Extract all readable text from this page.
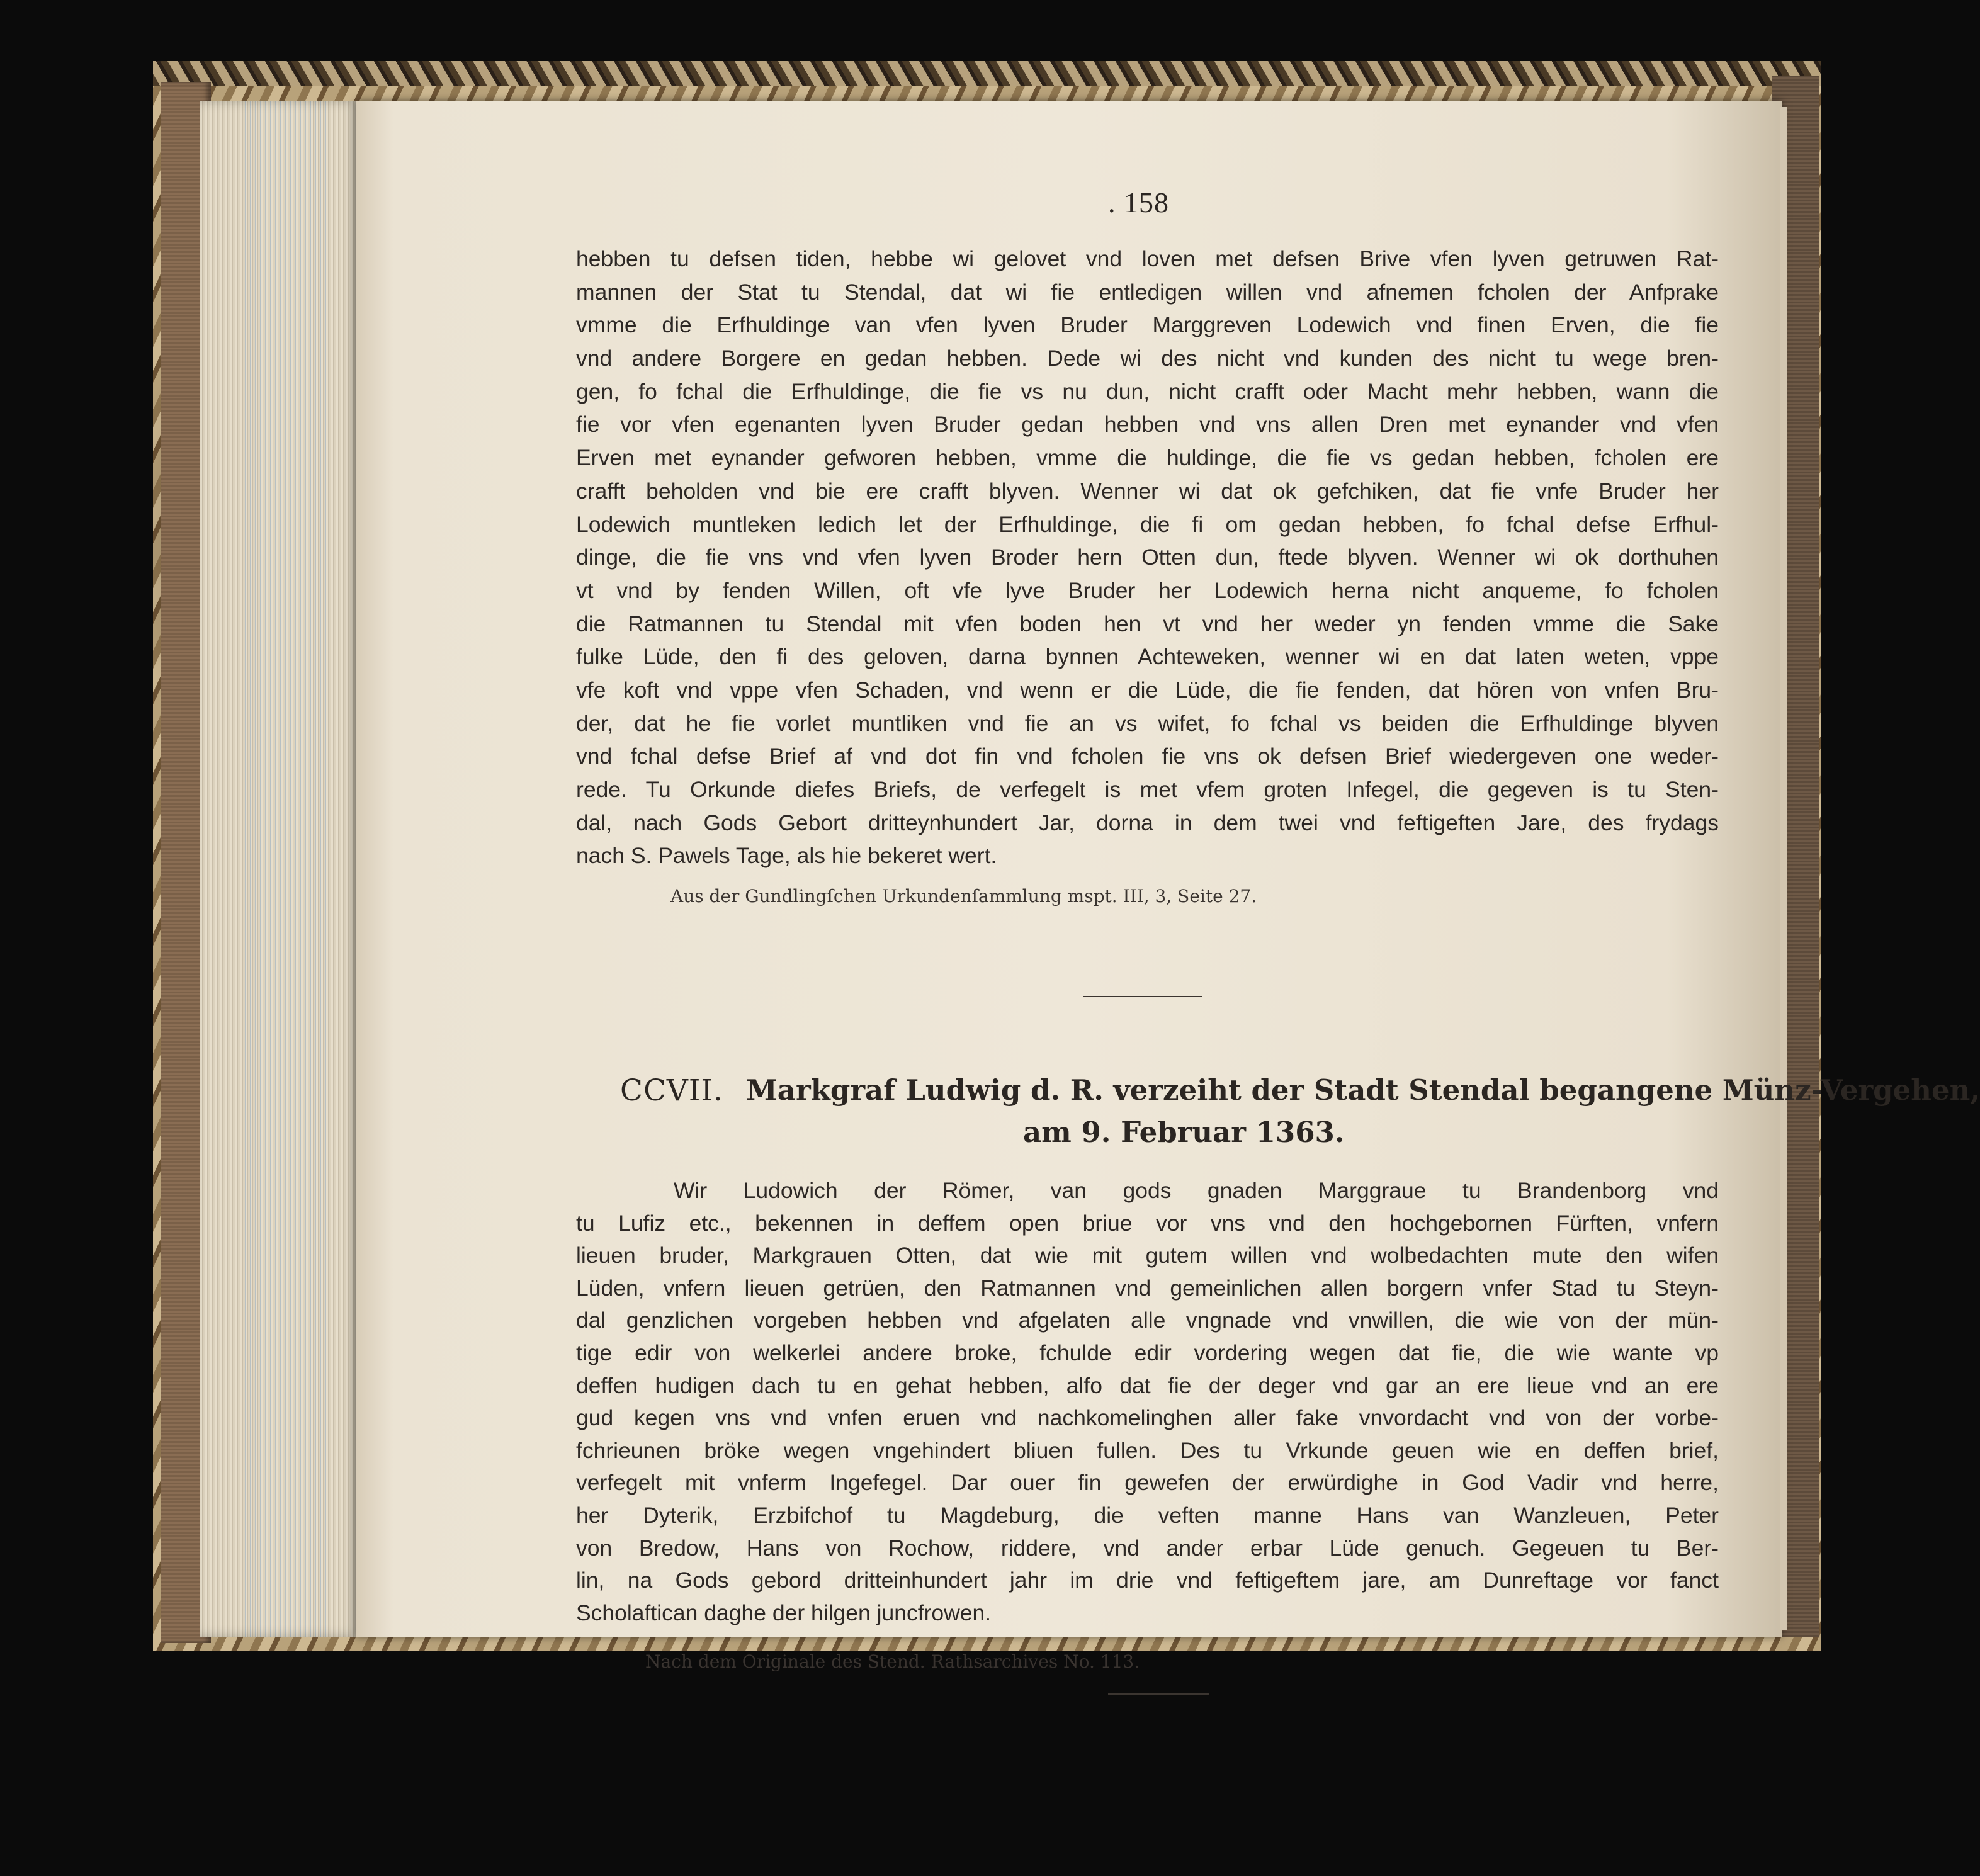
. 158
hebben tu defsen tiden, hebbe wi gelovet vnd loven met defsen Brive vfen lyven getruwen Rat-
mannen der Stat tu Stendal, dat wi fie entledigen willen vnd afnemen fcholen der Anfprake
vmme die Erfhuldinge van vfen lyven Bruder Marggreven Lodewich vnd finen Erven, die fie
vnd andere Borgere en gedan hebben. Dede wi des nicht vnd kunden des nicht tu wege bren-
gen, fo fchal die Erfhuldinge, die fie vs nu dun, nicht crafft oder Macht mehr hebben, wann die
fie vor vfen egenanten lyven Bruder gedan hebben vnd vns allen Dren met eynander vnd vfen
Erven met eynander gefworen hebben, vmme die huldinge, die fie vs gedan hebben, fcholen ere
crafft beholden vnd bie ere crafft blyven. Wenner wi dat ok gefchiken, dat fie vnfe Bruder her
Lodewich muntleken ledich let der Erfhuldinge, die fi om gedan hebben, fo fchal defse Erfhul-
dinge, die fie vns vnd vfen lyven Broder hern Otten dun, ftede blyven. Wenner wi ok dorthuhen
vt vnd by fenden Willen, oft vfe lyve Bruder her Lodewich herna nicht anqueme, fo fcholen
die Ratmannen tu Stendal mit vfen boden hen vt vnd her weder yn fenden vmme die Sake
fulke Lüde, den fi des geloven, darna bynnen Achteweken, wenner wi en dat laten weten, vppe
vfe koft vnd vppe vfen Schaden, vnd wenn er die Lüde, die fie fenden, dat hören von vnfen Bru-
der, dat he fie vorlet muntliken vnd fie an vs wifet, fo fchal vs beiden die Erfhuldinge blyven
vnd fchal defse Brief af vnd dot fin vnd fcholen fie vns ok defsen Brief wiedergeven one weder-
rede. Tu Orkunde diefes Briefs, de verfegelt is met vfem groten Infegel, die gegeven is tu Sten-
dal, nach Gods Gebort dritteynhundert Jar, dorna in dem twei vnd feftigeften Jare, des frydags
nach S. Pawels Tage, als hie bekeret wert.
Aus der Gundlingſchen Urkundenſammlung mspt. III, 3, Seite 27.
CCVII. Markgraf Ludwig d. R. verzeiht der Stadt Stendal begangene Münz-Vergehen,
am 9. Februar 1363.
Wir Ludowich der Römer, van gods gnaden Marggraue tu Brandenborg vnd
tu Lufiz etc., bekennen in deffem open briue vor vns vnd den hochgebornen Fürften, vnfern
lieuen bruder, Markgrauen Otten, dat wie mit gutem willen vnd wolbedachten mute den wifen
Lüden, vnfern lieuen getrüen, den Ratmannen vnd gemeinlichen allen borgern vnfer Stad tu Steyn-
dal genzlichen vorgeben hebben vnd afgelaten alle vngnade vnd vnwillen, die wie von der mün-
tige edir von welkerlei andere broke, fchulde edir vordering wegen dat fie, die wie wante vp
deffen hudigen dach tu en gehat hebben, alfo dat fie der deger vnd gar an ere lieue vnd an ere
gud kegen vns vnd vnfen eruen vnd nachkomelinghen aller fake vnvordacht vnd von der vorbe-
fchrieunen bröke wegen vngehindert bliuen fullen. Des tu Vrkunde geuen wie en deffen brief,
verfegelt mit vnferm Ingefegel. Dar ouer fin gewefen der erwürdighe in God Vadir vnd herre,
her Dyterik, Erzbifchof tu Magdeburg, die veften manne Hans van Wanzleuen, Peter
von Bredow, Hans von Rochow, riddere, vnd ander erbar Lüde genuch. Gegeuen tu Ber-
lin, na Gods gebord dritteinhundert jahr im drie vnd feftigeftem jare, am Dunreftage vor fanct
Scholaftican daghe der hilgen juncfrowen.
Nach dem Originale des Stend. Rathsarchives No. 113.
